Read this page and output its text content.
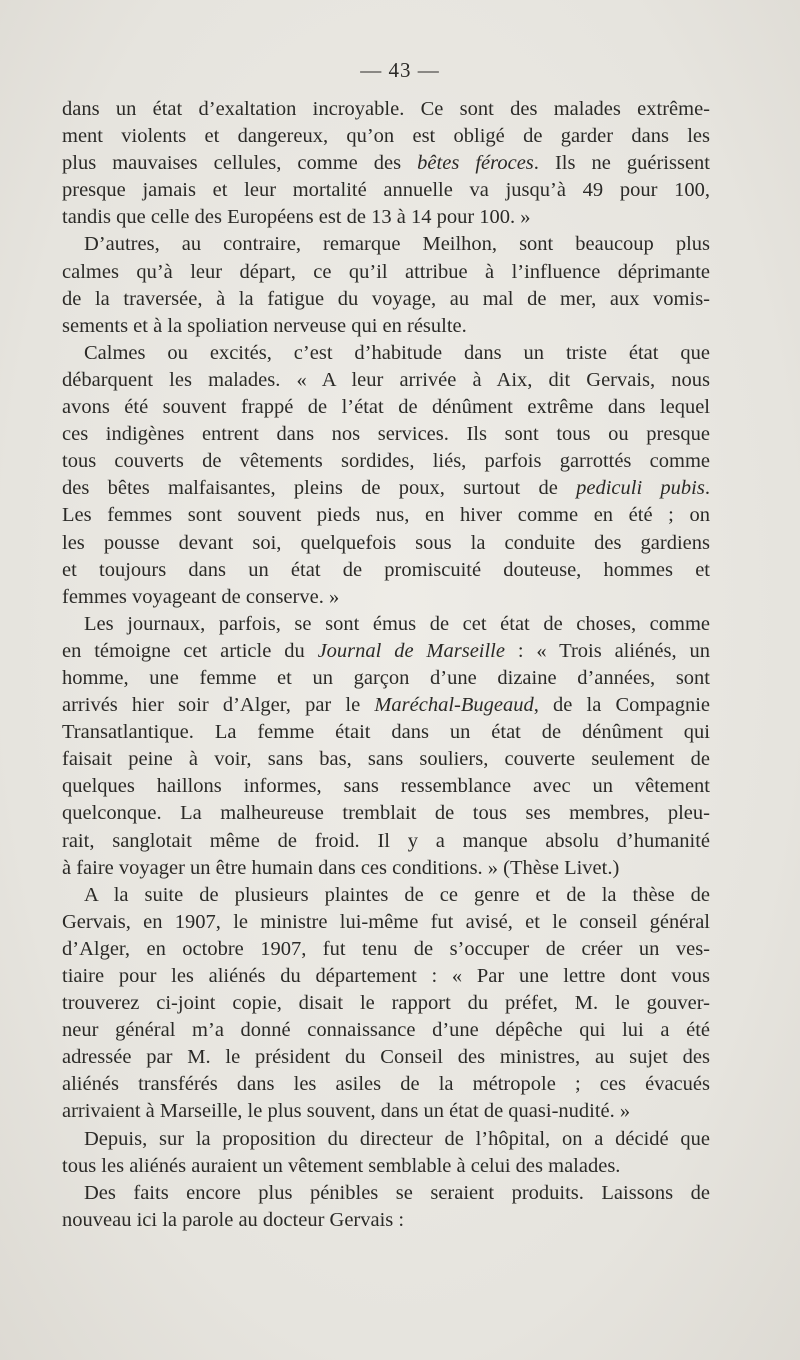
— 43 —
dans un état d’exaltation incroyable. Ce sont des malades extrême-
ment violents et dangereux, qu’on est obligé de garder dans les
plus mauvaises cellules, comme des bêtes féroces. Ils ne guérissent
presque jamais et leur mortalité annuelle va jusqu’à 49 pour 100,
tandis que celle des Européens est de 13 à 14 pour 100. »
D’autres, au contraire, remarque Meilhon, sont beaucoup plus
calmes qu’à leur départ, ce qu’il attribue à l’influence déprimante
de la traversée, à la fatigue du voyage, au mal de mer, aux vomis-
sements et à la spoliation nerveuse qui en résulte.
Calmes ou excités, c’est d’habitude dans un triste état que
débarquent les malades. « A leur arrivée à Aix, dit Gervais, nous
avons été souvent frappé de l’état de dénûment extrême dans lequel
ces indigènes entrent dans nos services. Ils sont tous ou presque
tous couverts de vêtements sordides, liés, parfois garrottés comme
des bêtes malfaisantes, pleins de poux, surtout de pediculi pubis.
Les femmes sont souvent pieds nus, en hiver comme en été ; on
les pousse devant soi, quelquefois sous la conduite des gardiens
et toujours dans un état de promiscuité douteuse, hommes et
femmes voyageant de conserve. »
Les journaux, parfois, se sont émus de cet état de choses, comme
en témoigne cet article du Journal de Marseille : « Trois aliénés, un
homme, une femme et un garçon d’une dizaine d’années, sont
arrivés hier soir d’Alger, par le Maréchal-Bugeaud, de la Compagnie
Transatlantique. La femme était dans un état de dénûment qui
faisait peine à voir, sans bas, sans souliers, couverte seulement de
quelques haillons informes, sans ressemblance avec un vêtement
quelconque. La malheureuse tremblait de tous ses membres, pleu-
rait, sanglotait même de froid. Il y a manque absolu d’humanité
à faire voyager un être humain dans ces conditions. » (Thèse Livet.)
A la suite de plusieurs plaintes de ce genre et de la thèse de
Gervais, en 1907, le ministre lui-même fut avisé, et le conseil général
d’Alger, en octobre 1907, fut tenu de s’occuper de créer un ves-
tiaire pour les aliénés du département : « Par une lettre dont vous
trouverez ci-joint copie, disait le rapport du préfet, M. le gouver-
neur général m’a donné connaissance d’une dépêche qui lui a été
adressée par M. le président du Conseil des ministres, au sujet des
aliénés transférés dans les asiles de la métropole ; ces évacués
arrivaient à Marseille, le plus souvent, dans un état de quasi-nudité. »
Depuis, sur la proposition du directeur de l’hôpital, on a décidé que
tous les aliénés auraient un vêtement semblable à celui des malades.
Des faits encore plus pénibles se seraient produits. Laissons de
nouveau ici la parole au docteur Gervais :
